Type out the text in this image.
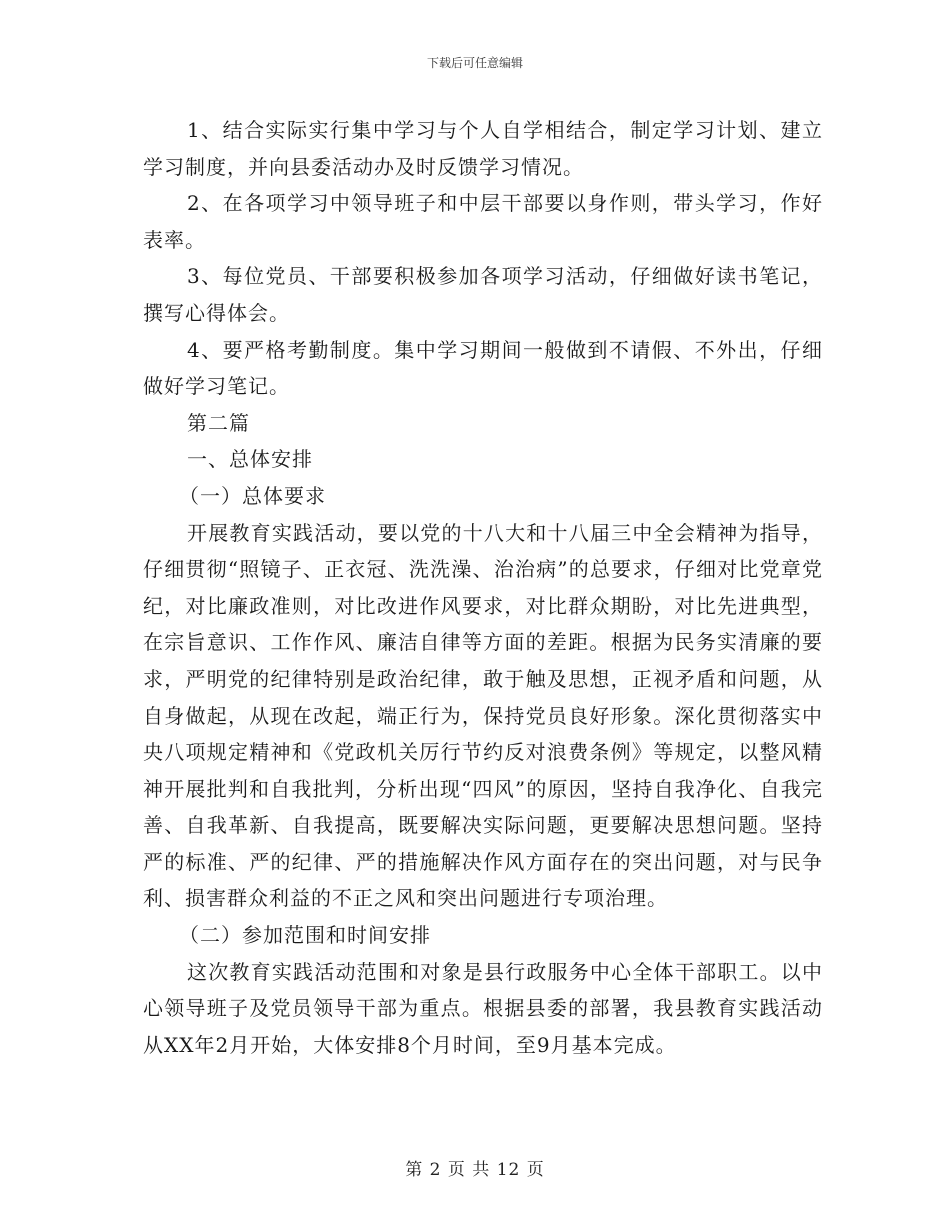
下载后可任意编辑

1、结合实际实行集中学习与个人自学相结合，制定学习计划、建立学习制度，并向县委活动办及时反馈学习情况。

2、在各项学习中领导班子和中层干部要以身作则，带头学习，作好表率。

3、每位党员、干部要积极参加各项学习活动，仔细做好读书笔记，撰写心得体会。

4、要严格考勤制度。集中学习期间一般做到不请假、不外出，仔细做好学习笔记。

第二篇

一、总体安排

（一）总体要求

开展教育实践活动，要以党的十八大和十八届三中全会精神为指导，仔细贯彻“照镜子、正衣冠、洗洗澡、治治病”的总要求，仔细对比党章党纪，对比廉政准则，对比改进作风要求，对比群众期盼，对比先进典型，在宗旨意识、工作作风、廉洁自律等方面的差距。根据为民务实清廉的要求，严明党的纪律特别是政治纪律，敢于触及思想，正视矛盾和问题，从自身做起，从现在改起，端正行为，保持党员良好形象。深化贯彻落实中央八项规定精神和《党政机关厉行节约反对浪费条例》等规定，以整风精神开展批判和自我批判，分析出现“四风”的原因，坚持自我净化、自我完善、自我革新、自我提高，既要解决实际问题，更要解决思想问题。坚持严的标准、严的纪律、严的措施解决作风方面存在的突出问题，对与民争利、损害群众利益的不正之风和突出问题进行专项治理。

（二）参加范围和时间安排

这次教育实践活动范围和对象是县行政服务中心全体干部职工。以中心领导班子及党员领导干部为重点。根据县委的部署，我县教育实践活动从XX年2月开始，大体安排8个月时间，至9月基本完成。

第 2 页 共 12 页
